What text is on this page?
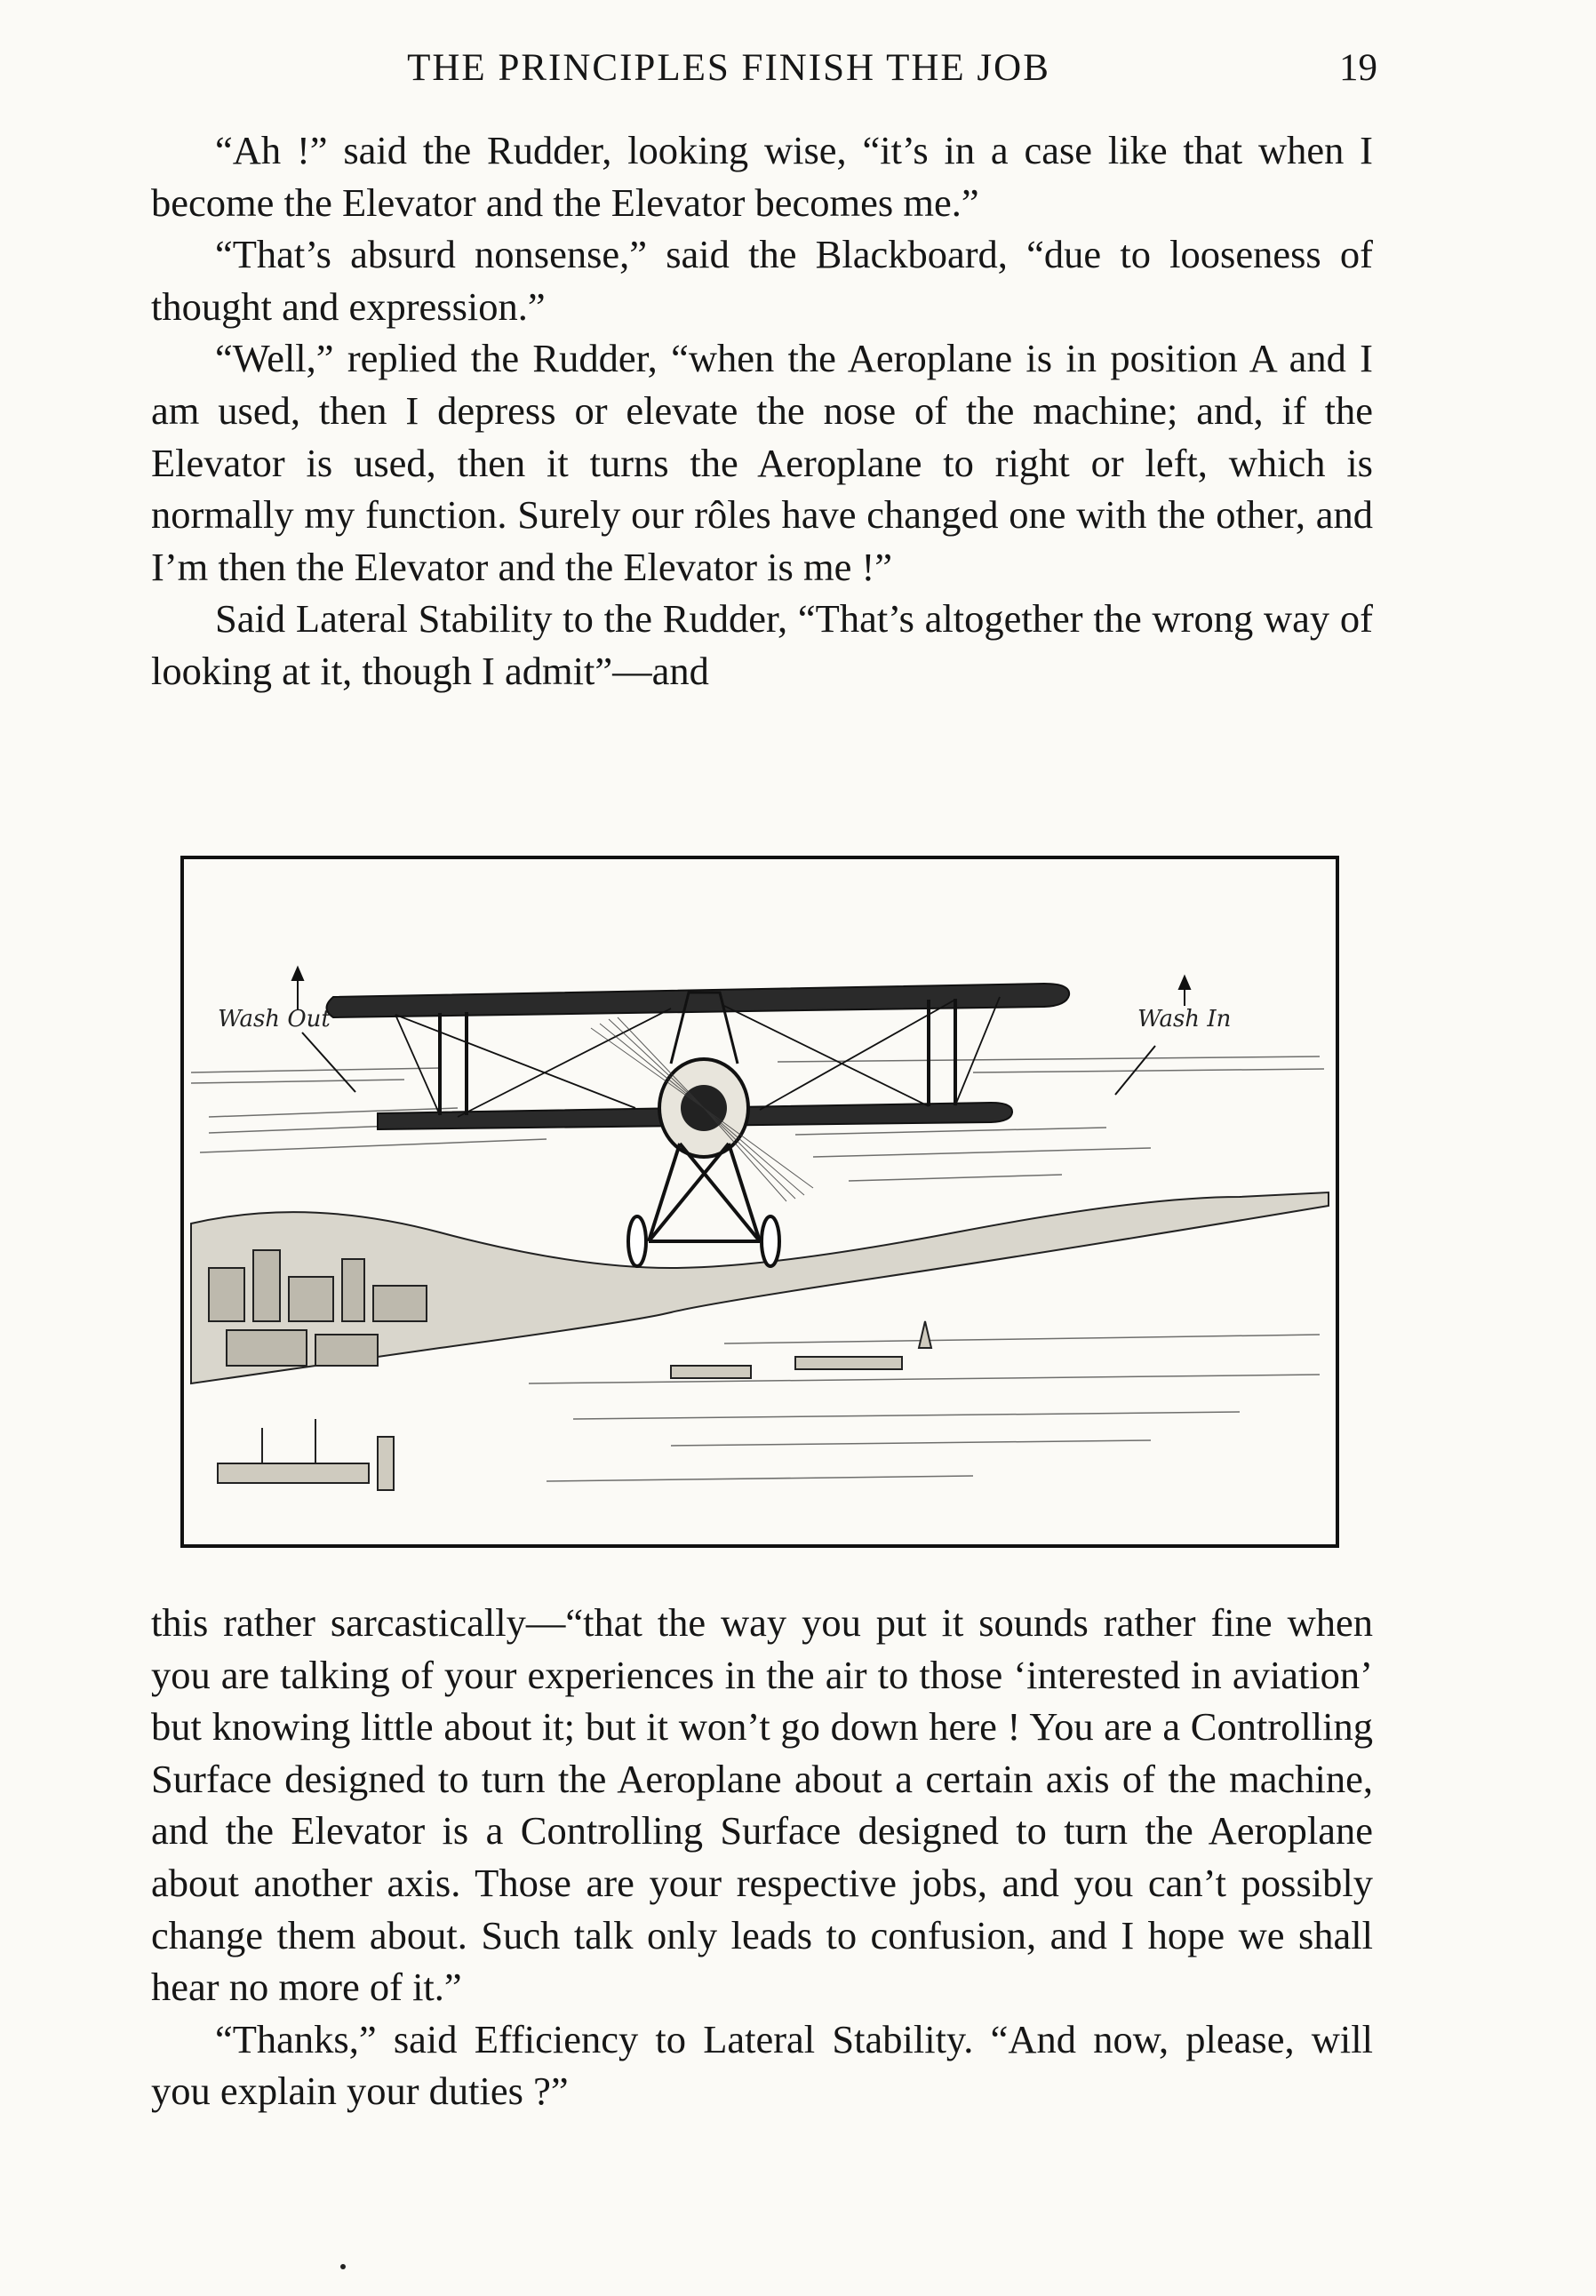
THE PRINCIPLES FINISH THE JOB	19

“Ah !” said the Rudder, looking wise, “it’s in a case like that when I become the Elevator and the Elevator becomes me.”

“That’s absurd nonsense,” said the Blackboard, “due to looseness of thought and expression.”

“Well,” replied the Rudder, “when the Aeroplane is in position A and I am used, then I depress or elevate the nose of the machine; and, if the Elevator is used, then it turns the Aeroplane to right or left, which is normally my function. Surely our rôles have changed one with the other, and I’m then the Elevator and the Elevator is me !”

Said Lateral Stability to the Rudder, “That’s altogether the wrong way of looking at it, though I admit”—and

Wash Out	Wash In

this rather sarcastically—“that the way you put it sounds rather fine when you are talking of your experiences in the air to those ‘interested in aviation’ but knowing little about it; but it won’t go down here ! You are a Controlling Surface designed to turn the Aeroplane about a certain axis of the machine, and the Elevator is a Controlling Surface designed to turn the Aeroplane about another axis. Those are your respective jobs, and you can’t possibly change them about. Such talk only leads to confusion, and I hope we shall hear no more of it.”

“Thanks,” said Efficiency to Lateral Stability. “And now, please, will you explain your duties ?”
